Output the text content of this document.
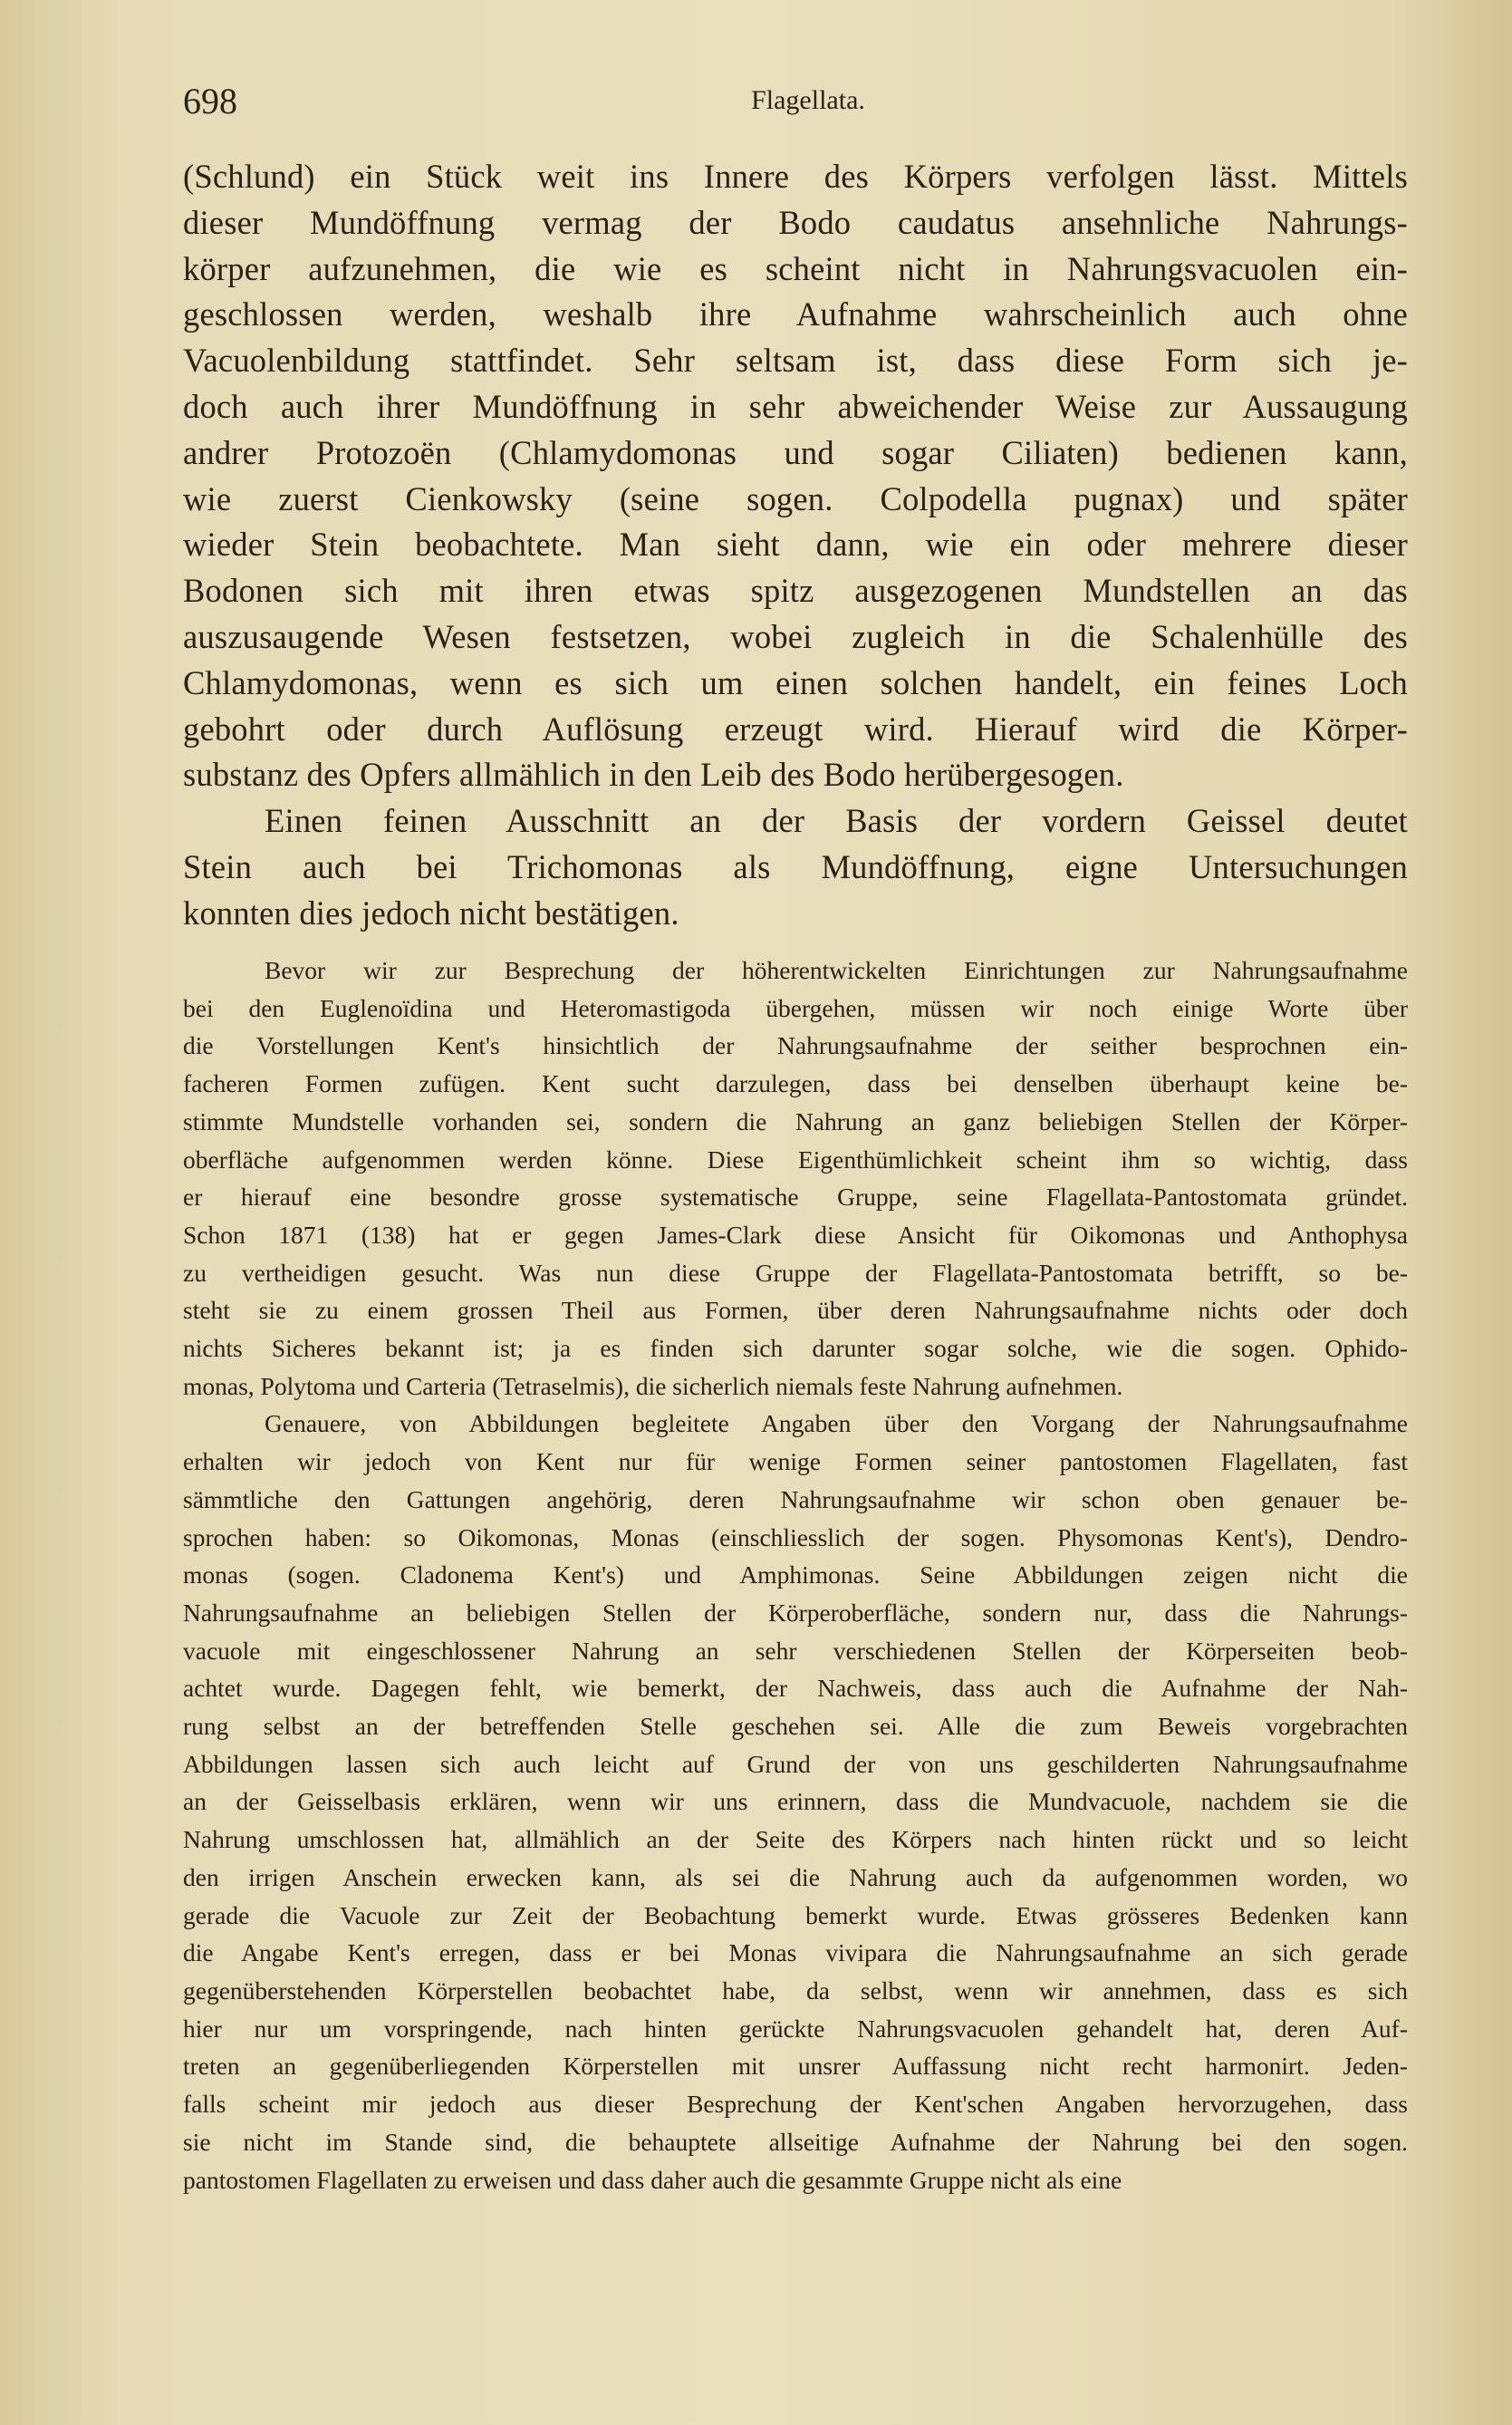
698	Flagellata.

(Schlund) ein Stück weit ins Innere des Körpers verfolgen lässt. Mittels
dieser Mundöffnung vermag der Bodo caudatus ansehnliche Nahrungs-
körper aufzunehmen, die wie es scheint nicht in Nahrungsvacuolen ein-
geschlossen werden, weshalb ihre Aufnahme wahrscheinlich auch ohne
Vacuolenbildung stattfindet. Sehr seltsam ist, dass diese Form sich je-
doch auch ihrer Mundöffnung in sehr abweichender Weise zur Aussaugung
andrer Protozoën (Chlamydomonas und sogar Ciliaten) bedienen kann,
wie zuerst Cienkowsky (seine sogen. Colpodella pugnax) und später
wieder Stein beobachtete. Man sieht dann, wie ein oder mehrere dieser
Bodonen sich mit ihren etwas spitz ausgezogenen Mundstellen an das
auszusaugende Wesen festsetzen, wobei zugleich in die Schalenhülle des
Chlamydomonas, wenn es sich um einen solchen handelt, ein feines Loch
gebohrt oder durch Auflösung erzeugt wird. Hierauf wird die Körper-
substanz des Opfers allmählich in den Leib des Bodo herübergesogen.

Einen feinen Ausschnitt an der Basis der vordern Geissel deutet
Stein auch bei Trichomonas als Mundöffnung, eigne Untersuchungen
konnten dies jedoch nicht bestätigen.

Bevor wir zur Besprechung der höherentwickelten Einrichtungen zur Nahrungsaufnahme
bei den Euglenoïdina und Heteromastigoda übergehen, müssen wir noch einige Worte über
die Vorstellungen Kent's hinsichtlich der Nahrungsaufnahme der seither besprochnen ein-
facheren Formen zufügen. Kent sucht darzulegen, dass bei denselben überhaupt keine be-
stimmte Mundstelle vorhanden sei, sondern die Nahrung an ganz beliebigen Stellen der Körper-
oberfläche aufgenommen werden könne. Diese Eigenthümlichkeit scheint ihm so wichtig, dass
er hierauf eine besondre grosse systematische Gruppe, seine Flagellata-Pantostomata gründet.
Schon 1871 (138) hat er gegen James-Clark diese Ansicht für Oikomonas und Anthophysa
zu vertheidigen gesucht. Was nun diese Gruppe der Flagellata-Pantostomata betrifft, so be-
steht sie zu einem grossen Theil aus Formen, über deren Nahrungsaufnahme nichts oder doch
nichts Sicheres bekannt ist; ja es finden sich darunter sogar solche, wie die sogen. Ophido-
monas, Polytoma und Carteria (Tetraselmis), die sicherlich niemals feste Nahrung aufnehmen.

Genauere, von Abbildungen begleitete Angaben über den Vorgang der Nahrungsaufnahme
erhalten wir jedoch von Kent nur für wenige Formen seiner pantostomen Flagellaten, fast
sämmtliche den Gattungen angehörig, deren Nahrungsaufnahme wir schon oben genauer be-
sprochen haben: so Oikomonas, Monas (einschliesslich der sogen. Physomonas Kent's), Dendro-
monas (sogen. Cladonema Kent's) und Amphimonas. Seine Abbildungen zeigen nicht die
Nahrungsaufnahme an beliebigen Stellen der Körperoberfläche, sondern nur, dass die Nahrungs-
vacuole mit eingeschlossener Nahrung an sehr verschiedenen Stellen der Körperseiten beob-
achtet wurde. Dagegen fehlt, wie bemerkt, der Nachweis, dass auch die Aufnahme der Nah-
rung selbst an der betreffenden Stelle geschehen sei. Alle die zum Beweis vorgebrachten
Abbildungen lassen sich auch leicht auf Grund der von uns geschilderten Nahrungsaufnahme
an der Geisselbasis erklären, wenn wir uns erinnern, dass die Mundvacuole, nachdem sie die
Nahrung umschlossen hat, allmählich an der Seite des Körpers nach hinten rückt und so leicht
den irrigen Anschein erwecken kann, als sei die Nahrung auch da aufgenommen worden, wo
gerade die Vacuole zur Zeit der Beobachtung bemerkt wurde. Etwas grösseres Bedenken kann
die Angabe Kent's erregen, dass er bei Monas vivipara die Nahrungsaufnahme an sich gerade
gegenüberstehenden Körperstellen beobachtet habe, da selbst, wenn wir annehmen, dass es sich
hier nur um vorspringende, nach hinten gerückte Nahrungsvacuolen gehandelt hat, deren Auf-
treten an gegenüberliegenden Körperstellen mit unsrer Auffassung nicht recht harmonirt. Jeden-
falls scheint mir jedoch aus dieser Besprechung der Kent'schen Angaben hervorzugehen, dass
sie nicht im Stande sind, die behauptete allseitige Aufnahme der Nahrung bei den sogen.
pantostomen Flagellaten zu erweisen und dass daher auch die gesammte Gruppe nicht als eine
